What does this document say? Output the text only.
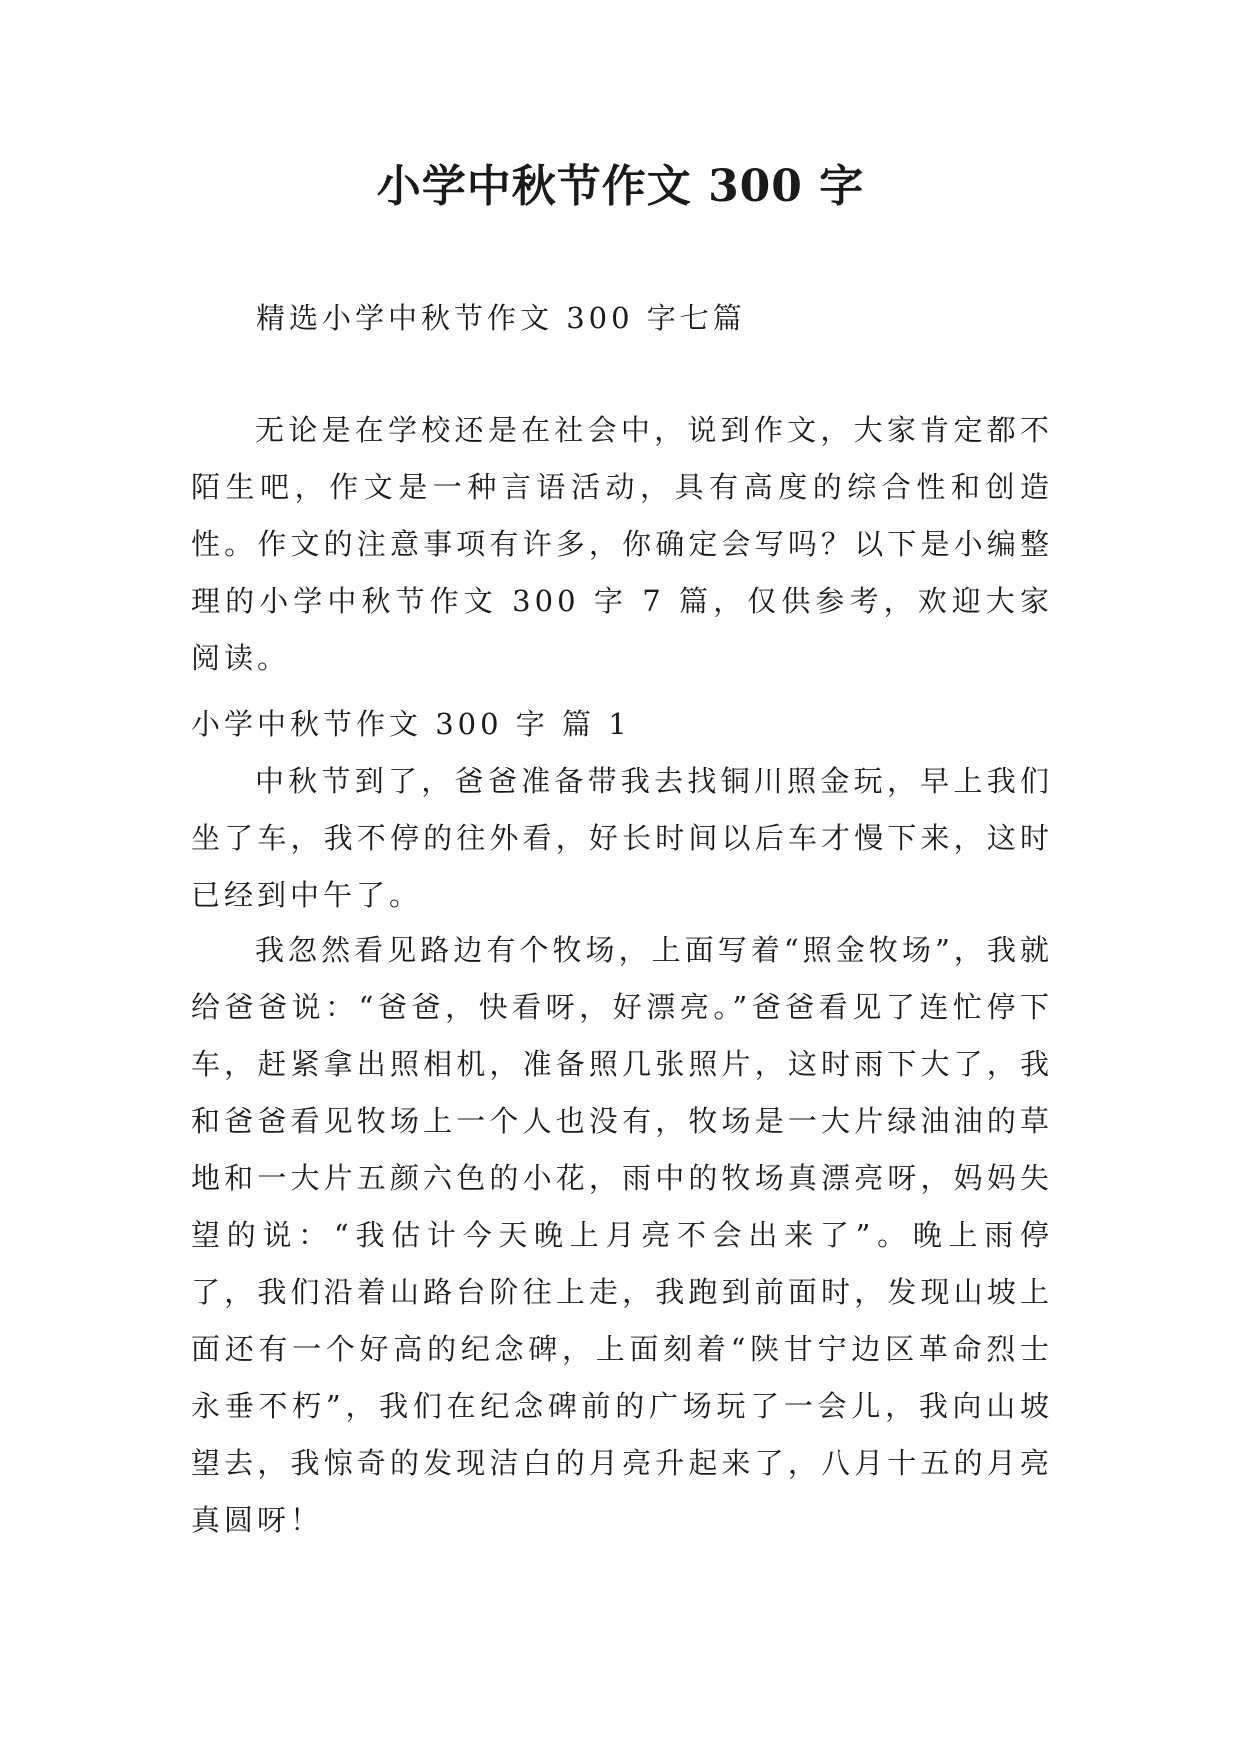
小学中秋节作文 300 字

精选小学中秋节作文 300 字七篇

无论是在学校还是在社会中，说到作文，大家肯定都不陌生吧，作文是一种言语活动，具有高度的综合性和创造性。作文的注意事项有许多，你确定会写吗？以下是小编整理的小学中秋节作文 300 字 7 篇，仅供参考，欢迎大家阅读。

小学中秋节作文 300 字 篇 1

中秋节到了，爸爸准备带我去找铜川照金玩，早上我们坐了车，我不停的往外看，好长时间以后车才慢下来，这时已经到中午了。

我忽然看见路边有个牧场，上面写着“照金牧场”，我就给爸爸说：“爸爸，快看呀，好漂亮。”爸爸看见了连忙停下车，赶紧拿出照相机，准备照几张照片，这时雨下大了，我和爸爸看见牧场上一个人也没有，牧场是一大片绿油油的草地和一大片五颜六色的小花，雨中的牧场真漂亮呀，妈妈失望的说：“我估计今天晚上月亮不会出来了”。晚上雨停了，我们沿着山路台阶往上走，我跑到前面时，发现山坡上面还有一个好高的纪念碑，上面刻着“陕甘宁边区革命烈士永垂不朽”，我们在纪念碑前的广场玩了一会儿，我向山坡望去，我惊奇的发现洁白的月亮升起来了，八月十五的月亮真圆呀！
